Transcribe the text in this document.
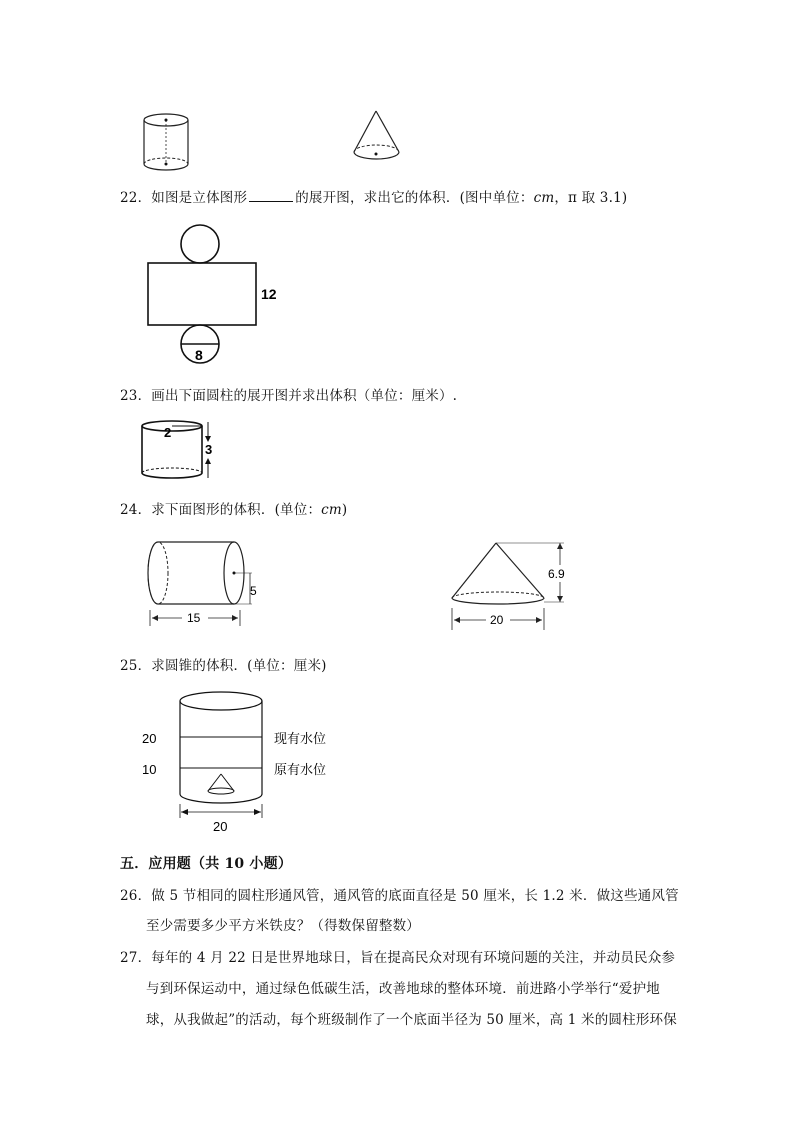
22．如图是立体图形	的展开图，求出它的体积．(图中单位：cm，π 取 3.1)
12
8
23．画出下面圆柱的展开图并求出体积（单位：厘米）.
2
3
24．求下面图形的体积．(单位：cm)
5
15
6.9
20
25．求圆锥的体积．(单位：厘米)
20
10
现有水位
原有水位
20
五．应用题（共 10 小题）
26．做 5 节相同的圆柱形通风管，通风管的底面直径是 50 厘米，长 1.2 米．做这些通风管
至少需要多少平方米铁皮？（得数保留整数）
27．每年的 4 月 22 日是世界地球日，旨在提高民众对现有环境问题的关注，并动员民众参
与到环保运动中，通过绿色低碳生活，改善地球的整体环境．前进路小学举行“爱护地
球，从我做起”的活动，每个班级制作了一个底面半径为 50 厘米，高 1 米的圆柱形环保
